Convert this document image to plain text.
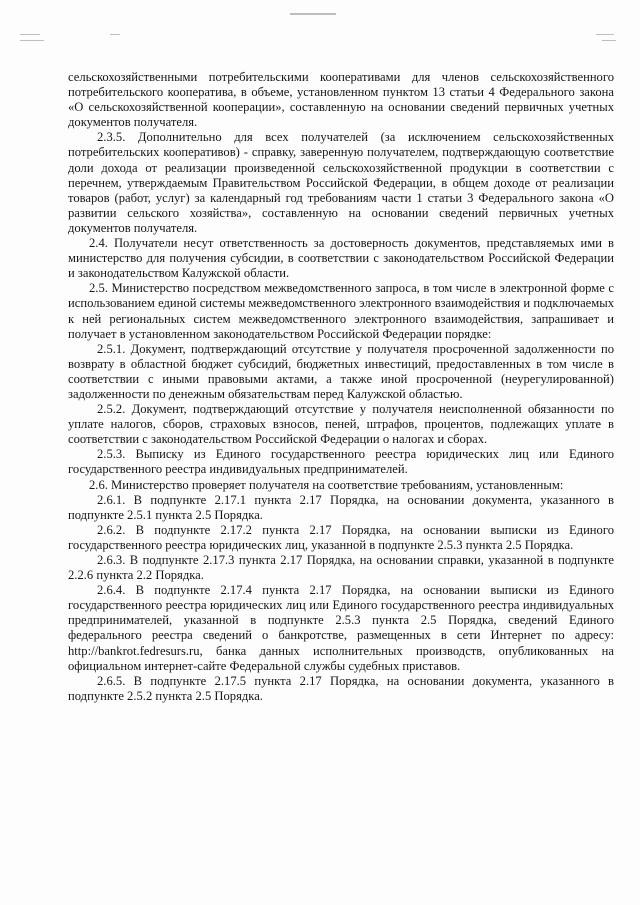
сельскохозяйственными потребительскими кооперативами для членов сельскохозяйственного потребительского кооператива, в объеме, установленном пунктом 13 статьи 4 Федерального закона «О сельскохозяйственной кооперации», составленную на основании сведений первичных учетных документов получателя.

2.3.5. Дополнительно для всех получателей (за исключением сельскохозяйственных потребительских кооперативов) - справку, заверенную получателем, подтверждающую соответствие доли дохода от реализации произведенной сельскохозяйственной продукции в соответствии с перечнем, утверждаемым Правительством Российской Федерации, в общем доходе от реализации товаров (работ, услуг) за календарный год требованиям части 1 статьи 3 Федерального закона «О развитии сельского хозяйства», составленную на основании сведений первичных учетных документов получателя.

2.4. Получатели несут ответственность за достоверность документов, представляемых ими в министерство для получения субсидии, в соответствии с законодательством Российской Федерации и законодательством Калужской области.

2.5. Министерство посредством межведомственного запроса, в том числе в электронной форме с использованием единой системы межведомственного электронного взаимодействия и подключаемых к ней региональных систем межведомственного электронного взаимодействия, запрашивает и получает в установленном законодательством Российской Федерации порядке:

2.5.1. Документ, подтверждающий отсутствие у получателя просроченной задолженности по возврату в областной бюджет субсидий, бюджетных инвестиций, предоставленных в том числе в соответствии с иными правовыми актами, а также иной просроченной (неурегулированной) задолженности по денежным обязательствам перед Калужской областью.

2.5.2. Документ, подтверждающий отсутствие у получателя неисполненной обязанности по уплате налогов, сборов, страховых взносов, пеней, штрафов, процентов, подлежащих уплате в соответствии с законодательством Российской Федерации о налогах и сборах.

2.5.3. Выписку из Единого государственного реестра юридических лиц или Единого государственного реестра индивидуальных предпринимателей.

2.6. Министерство проверяет получателя на соответствие требованиям, установленным:

2.6.1. В подпункте 2.17.1 пункта 2.17 Порядка, на основании документа, указанного в подпункте 2.5.1 пункта 2.5 Порядка.

2.6.2. В подпункте 2.17.2 пункта 2.17 Порядка, на основании выписки из Единого государственного реестра юридических лиц, указанной в подпункте 2.5.3 пункта 2.5 Порядка.

2.6.3. В подпункте 2.17.3 пункта 2.17 Порядка, на основании справки, указанной в подпункте 2.2.6 пункта 2.2 Порядка.

2.6.4. В подпункте 2.17.4 пункта 2.17 Порядка, на основании выписки из Единого государственного реестра юридических лиц или Единого государственного реестра индивидуальных предпринимателей, указанной в подпункте 2.5.3 пункта 2.5 Порядка, сведений Единого федерального реестра сведений о банкротстве, размещенных в сети Интернет по адресу: http://bankrot.fedresurs.ru, банка данных исполнительных производств, опубликованных на официальном интернет-сайте Федеральной службы судебных приставов.

2.6.5. В подпункте 2.17.5 пункта 2.17 Порядка, на основании документа, указанного в подпункте 2.5.2 пункта 2.5 Порядка.
